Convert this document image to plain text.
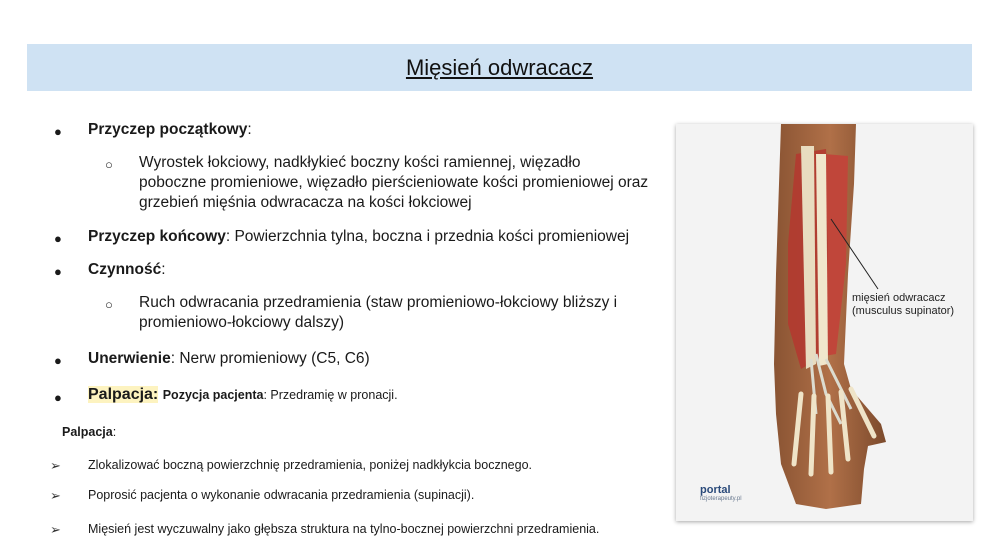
Mięsień odwracacz
● Przyczep początkowy:
○ Wyrostek łokciowy, nadkłykieć boczny kości ramiennej, więzadło
poboczne promieniowe, więzadło pierścieniowate kości promieniowej oraz
grzebień mięśnia odwracacza na kości łokciowej
● Przyczep końcowy: Powierzchnia tylna, boczna i przednia kości promieniowej
● Czynność:
○ Ruch odwracania przedramienia (staw promieniowo-łokciowy bliższy i
promieniowo-łokciowy dalszy)
● Unerwienie: Nerw promieniowy (C5, C6)
● Palpacja: Pozycja pacjenta: Przedramię w pronacji.
Palpacja:
➢ Zlokalizować boczną powierzchnię przedramienia, poniżej nadkłykcia bocznego.
➢ Poprosić pacjenta o wykonanie odwracania przedramienia (supinacji).
➢ Mięsień jest wyczuwalny jako głębsza struktura na tylno-bocznej powierzchni przedramienia.
mięsień odwracacz
(musculus supinator)
portal
fizjoterapeuty.pl
